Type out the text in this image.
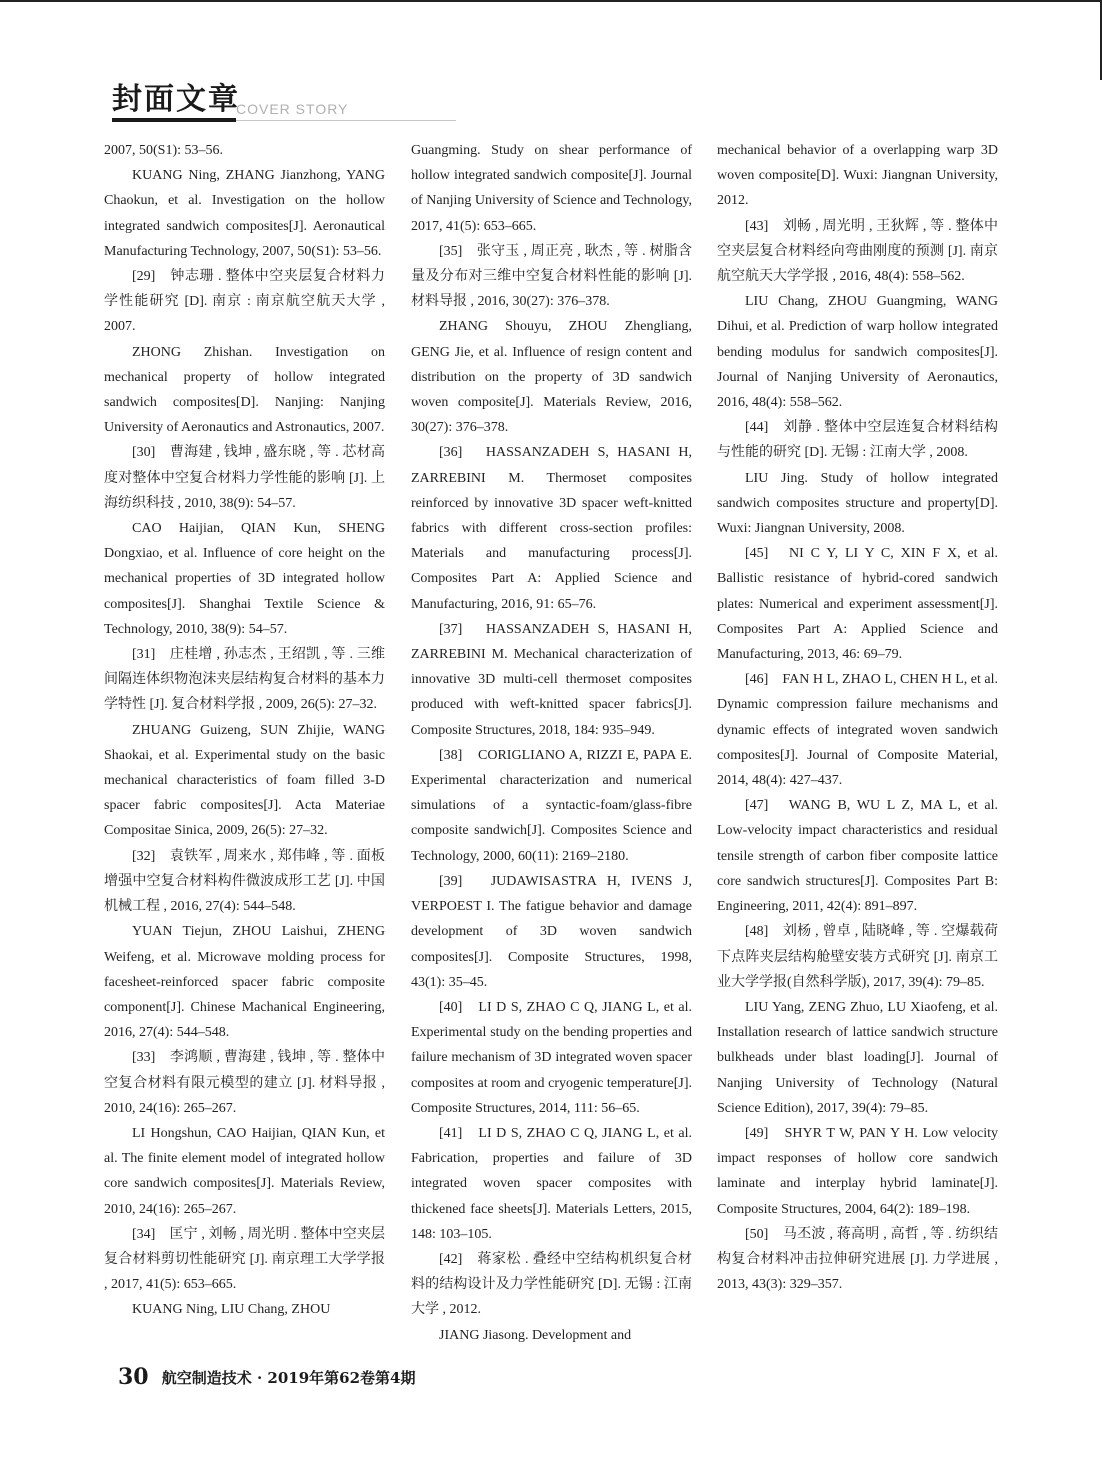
封面文章
COVER STORY

2007, 50(S1): 53–56.

KUANG Ning, ZHANG Jianzhong, YANG Chaokun, et al. Investigation on the hollow integrated sandwich composites[J]. Aeronautical Manufacturing Technology, 2007, 50(S1): 53–56.

[29]　钟志珊 . 整体中空夹层复合材料力学性能研究 [D]. 南京 : 南京航空航天大学 , 2007.

ZHONG Zhishan. Investigation on mechanical property of hollow integrated sandwich composites[D]. Nanjing: Nanjing University of Aeronautics and Astronautics, 2007.

[30]　曹海建 , 钱坤 , 盛东晓 , 等 . 芯材高度对整体中空复合材料力学性能的影响 [J]. 上海纺织科技 , 2010, 38(9): 54–57.

CAO Haijian, QIAN Kun, SHENG Dongxiao, et al. Influence of core height on the mechanical properties of 3D integrated hollow composites[J]. Shanghai Textile Science & Technology, 2010, 38(9): 54–57.

[31]　庄桂增 , 孙志杰 , 王绍凯 , 等 . 三维间隔连体织物泡沫夹层结构复合材料的基本力学特性 [J]. 复合材料学报 , 2009, 26(5): 27–32.

ZHUANG Guizeng, SUN Zhijie, WANG Shaokai, et al. Experimental study on the basic mechanical characteristics of foam filled 3-D spacer fabric composites[J]. Acta Materiae Compositae Sinica, 2009, 26(5): 27–32.

[32]　袁铁军 , 周来水 , 郑伟峰 , 等 . 面板增强中空复合材料构件微波成形工艺 [J]. 中国机械工程 , 2016, 27(4): 544–548.

YUAN Tiejun, ZHOU Laishui, ZHENG Weifeng, et al. Microwave molding process for facesheet-reinforced spacer fabric composite component[J]. Chinese Machanical Engineering, 2016, 27(4): 544–548.

[33]　李鸿顺 , 曹海建 , 钱坤 , 等 . 整体中空复合材料有限元模型的建立 [J]. 材料导报 , 2010, 24(16): 265–267.

LI Hongshun, CAO Haijian, QIAN Kun, et al. The finite element model of integrated hollow core sandwich composites[J]. Materials Review, 2010, 24(16): 265–267.

[34]　匡宁 , 刘畅 , 周光明 . 整体中空夹层复合材料剪切性能研究 [J]. 南京理工大学学报 , 2017, 41(5): 653–665.

KUANG Ning, LIU Chang, ZHOU

Guangming. Study on shear performance of hollow integrated sandwich composite[J]. Journal of Nanjing University of Science and Technology, 2017, 41(5): 653–665.

[35]　张守玉 , 周正亮 , 耿杰 , 等 . 树脂含量及分布对三维中空复合材料性能的影响 [J]. 材料导报 , 2016, 30(27): 376–378.

ZHANG Shouyu, ZHOU Zhengliang, GENG Jie, et al. Influence of resign content and distribution on the property of 3D sandwich woven composite[J]. Materials Review, 2016, 30(27): 376–378.

[36]　HASSANZADEH S, HASANI H, ZARREBINI M. Thermoset composites reinforced by innovative 3D spacer weft-knitted fabrics with different cross-section profiles: Materials and manufacturing process[J]. Composites Part A: Applied Science and Manufacturing, 2016, 91: 65–76.

[37]　HASSANZADEH S, HASANI H, ZARREBINI M. Mechanical characterization of innovative 3D multi-cell thermoset composites produced with weft-knitted spacer fabrics[J]. Composite Structures, 2018, 184: 935–949.

[38]　CORIGLIANO A, RIZZI E, PAPA E. Experimental characterization and numerical simulations of a syntactic-foam/glass-fibre composite sandwich[J]. Composites Science and Technology, 2000, 60(11): 2169–2180.

[39]　JUDAWISASTRA H, IVENS J, VERPOEST I. The fatigue behavior and damage development of 3D woven sandwich composites[J]. Composite Structures, 1998, 43(1): 35–45.

[40]　LI D S, ZHAO C Q, JIANG L, et al. Experimental study on the bending properties and failure mechanism of 3D integrated woven spacer composites at room and cryogenic temperature[J]. Composite Structures, 2014, 111: 56–65.

[41]　LI D S, ZHAO C Q, JIANG L, et al. Fabrication, properties and failure of 3D integrated woven spacer composites with thickened face sheets[J]. Materials Letters, 2015, 148: 103–105.

[42]　蒋家松 . 叠经中空结构机织复合材料的结构设计及力学性能研究 [D]. 无锡 : 江南大学 , 2012.

JIANG Jiasong. Development and

mechanical behavior of a overlapping warp 3D woven composite[D]. Wuxi: Jiangnan University, 2012.

[43]　刘畅 , 周光明 , 王狄辉 , 等 . 整体中空夹层复合材料经向弯曲刚度的预测 [J]. 南京航空航天大学学报 , 2016, 48(4): 558–562.

LIU Chang, ZHOU Guangming, WANG Dihui, et al. Prediction of warp hollow integrated bending modulus for sandwich composites[J]. Journal of Nanjing University of Aeronautics, 2016, 48(4): 558–562.

[44]　刘静 . 整体中空层连复合材料结构与性能的研究 [D]. 无锡 : 江南大学 , 2008.

LIU Jing. Study of hollow integrated sandwich composites structure and property[D]. Wuxi: Jiangnan University, 2008.

[45]　NI C Y, LI Y C, XIN F X, et al. Ballistic resistance of hybrid-cored sandwich plates: Numerical and experiment assessment[J]. Composites Part A: Applied Science and Manufacturing, 2013, 46: 69–79.

[46]　FAN H L, ZHAO L, CHEN H L, et al. Dynamic compression failure mechanisms and dynamic effects of integrated woven sandwich composites[J]. Journal of Composite Material, 2014, 48(4): 427–437.

[47]　WANG B, WU L Z, MA L, et al. Low-velocity impact characteristics and residual tensile strength of carbon fiber composite lattice core sandwich structures[J]. Composites Part B: Engineering, 2011, 42(4): 891–897.

[48]　刘杨 , 曾卓 , 陆晓峰 , 等 . 空爆载荷下点阵夹层结构舱壁安装方式研究 [J]. 南京工业大学学报(自然科学版), 2017, 39(4): 79–85.

LIU Yang, ZENG Zhuo, LU Xiaofeng, et al. Installation research of lattice sandwich structure bulkheads under blast loading[J]. Journal of Nanjing University of Technology (Natural Science Edition), 2017, 39(4): 79–85.

[49]　SHYR T W, PAN Y H. Low velocity impact responses of hollow core sandwich laminate and interplay hybrid laminate[J]. Composite Structures, 2004, 64(2): 189–198.

[50]　马丕波 , 蒋高明 , 高哲 , 等 . 纺织结构复合材料冲击拉伸研究进展 [J]. 力学进展 , 2013, 43(3): 329–357.

30 航空制造技术 · 2019年第62卷第4期
